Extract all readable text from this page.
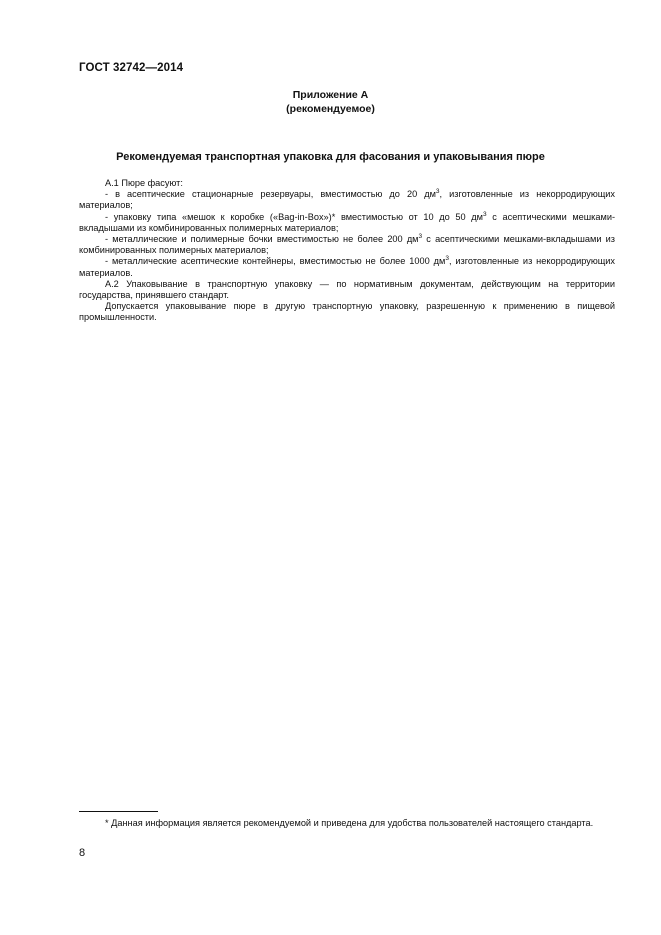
ГОСТ 32742—2014
Приложение А
(рекомендуемое)
Рекомендуемая транспортная упаковка для фасования и упаковывания пюре

А.1 Пюре фасуют:

- в асептические стационарные резервуары, вместимостью до 20 $дм^3$, изготовленные из некорродирующих материалов;

- упаковку типа «мешок к коробке («Bag-in-Box»)* вместимостью от 10 до 50 $дм^3$ с асептическими мешками-вкладышами из комбинированных полимерных материалов;

- металлические и полимерные бочки вместимостью не более 200 $дм^3$ с асептическими мешками-вкладышами из комбинированных полимерных материалов;

- металлические асептические контейнеры, вместимостью не более 1000 $дм^3$, изготовленные из некорродирующих материалов.

А.2 Упаковывание в транспортную упаковку — по нормативным документам, действующим на территории государства, принявшего стандарт.

Допускается упаковывание пюре в другую транспортную упаковку, разрешенную к применению в пищевой промышленности.

* Данная информация является рекомендуемой и приведена для удобства пользователей настоящего стандарта.
8
